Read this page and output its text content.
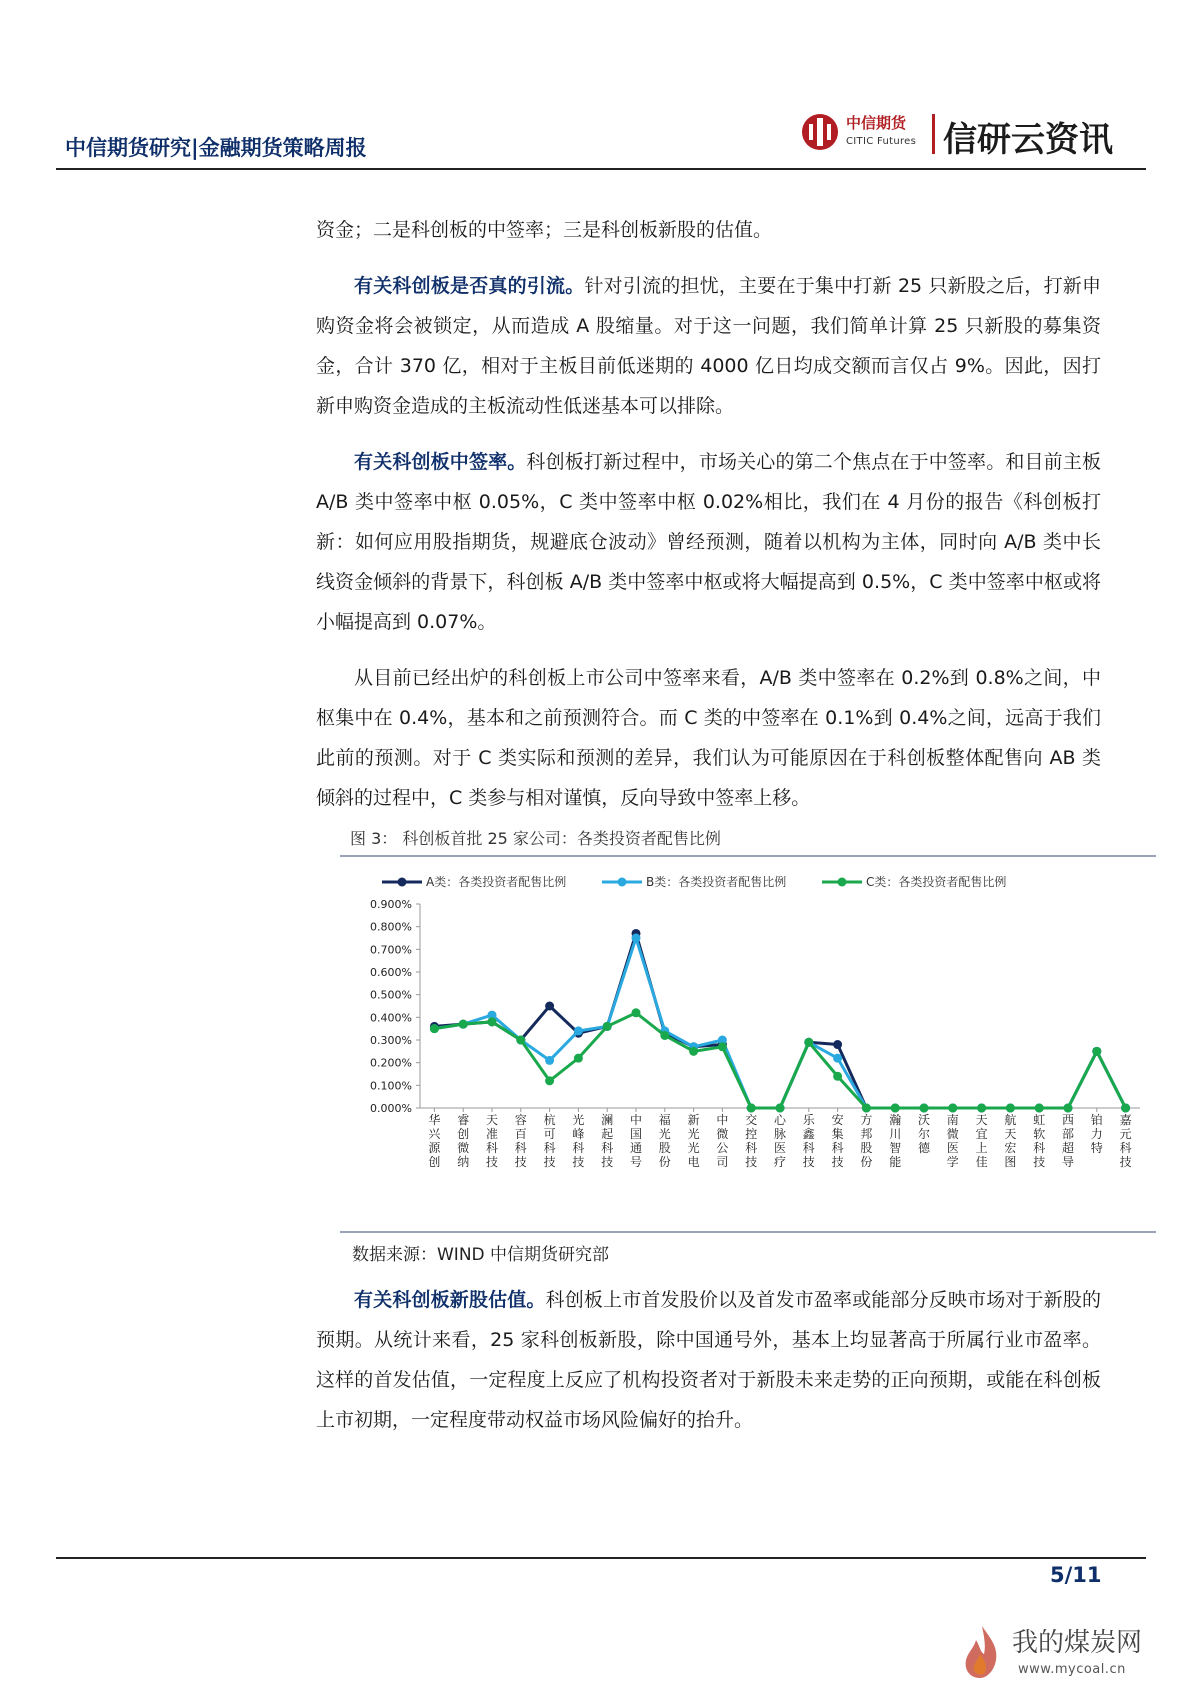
中信期货研究|金融期货策略周报
中信期货
CITIC Futures 信研云资讯

资金；二是科创板的中签率；三是科创板新股的估值。

有关科创板是否真的引流。针对引流的担忧，主要在于集中打新 25 只新股之后，打新申购资金将会被锁定，从而造成 A 股缩量。对于这一问题，我们简单计算 25 只新股的募集资金，合计 370 亿，相对于主板目前低迷期的 4000 亿日均成交额而言仅占 9%。因此，因打新申购资金造成的主板流动性低迷基本可以排除。

有关科创板中签率。科创板打新过程中，市场关心的第二个焦点在于中签率。和目前主板 A/B 类中签率中枢 0.05%，C 类中签率中枢 0.02%相比，我们在 4 月份的报告《科创板打新：如何应用股指期货，规避底仓波动》曾经预测，随着以机构为主体，同时向 A/B 类中长线资金倾斜的背景下，科创板 A/B 类中签率中枢或将大幅提高到 0.5%，C 类中签率中枢或将小幅提高到 0.07%。

从目前已经出炉的科创板上市公司中签率来看，A/B 类中签率在 0.2%到 0.8%之间，中枢集中在 0.4%，基本和之前预测符合。而 C 类的中签率在 0.1%到 0.4%之间，远高于我们此前的预测。对于 C 类实际和预测的差异，我们认为可能原因在于科创板整体配售向 AB 类倾斜的过程中，C 类参与相对谨慎，反向导致中签率上移。

图 3： 科创板首批 25 家公司：各类投资者配售比例
0.000%
0.100%
0.200%
0.300%
0.400%
0.500%
0.600%
0.700%
0.800%
0.900%
华兴源创
睿创微纳
天准科技
容百科技
杭可科技
光峰科技
澜起科技
中国通号
福光股份
新光光电
中微公司
交控科技
心脉医疗
乐鑫科技
安集科技
方邦股份
瀚川智能
沃尔德
南微医学
天宜上佳
航天宏图
虹软科技
西部超导
铂力特
嘉元科技
A类：各类投资者配售比例	B类：各类投资者配售比例	C类：各类投资者配售比例
数据来源：WIND 中信期货研究部

有关科创板新股估值。科创板上市首发股价以及首发市盈率或能部分反映市场对于新股的预期。从统计来看，25 家科创板新股，除中国通号外，基本上均显著高于所属行业市盈率。这样的首发估值，一定程度上反应了机构投资者对于新股未来走势的正向预期，或能在科创板上市初期，一定程度带动权益市场风险偏好的抬升。

5/11
我的煤炭网
www.mycoal.cn
